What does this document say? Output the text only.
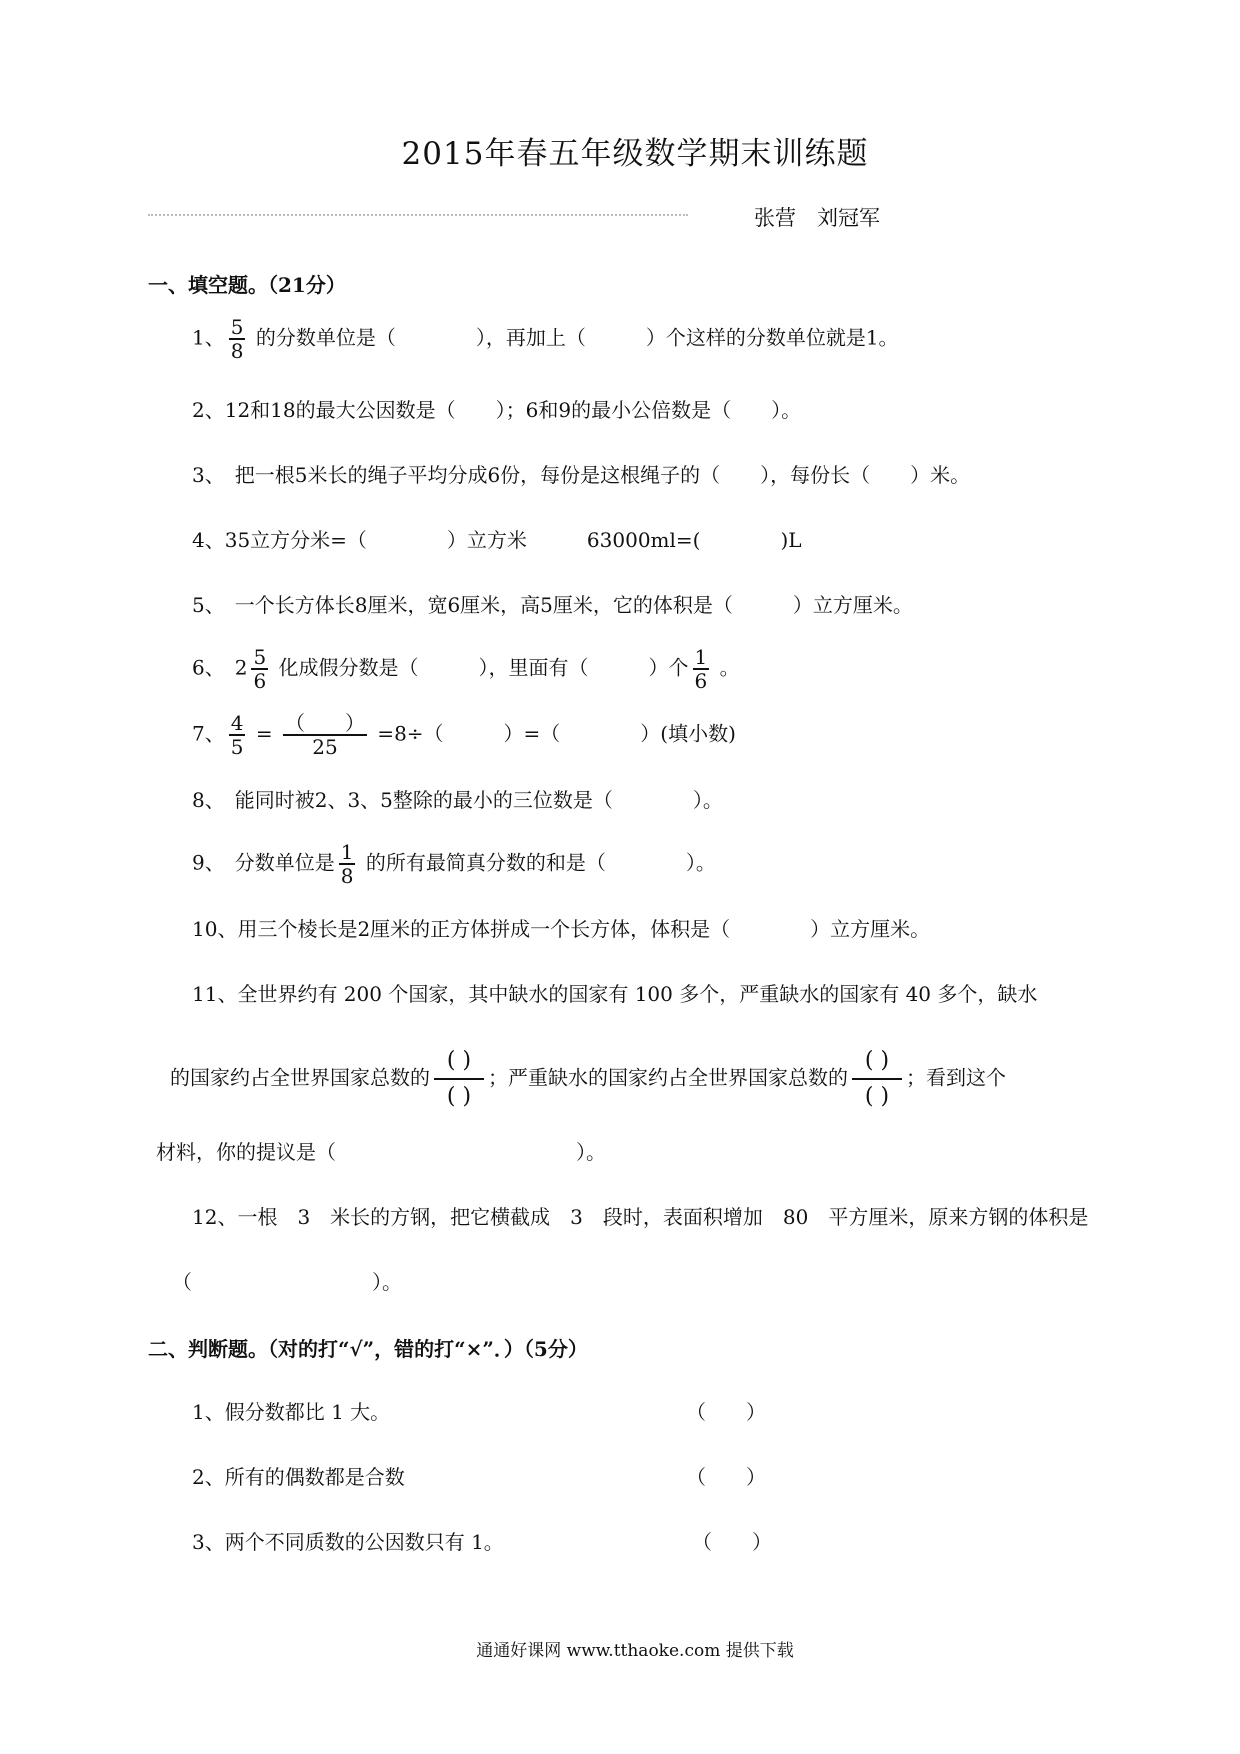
2015年春五年级数学期末训练题
张营　刘冠军
一、填空题。（21分）
1、 $\frac{5}{8}$ 的分数单位是（　　　　），再加上（　　　）个这样的分数单位就是1。
2、12和18的最大公因数是（　　）；6和9的最小公倍数是（　　）。
3、　把一根5米长的绳子平均分成6份，每份是这根绳子的（　　），每份长（　　）米。
4、35立方分米=（　　　　）立方米　　　63000ml=(　　　　)L
5、　一个长方体长8厘米，宽6厘米，高5厘米，它的体积是（　　　）立方厘米。
6、　$2 \frac{5}{6}$ 化成假分数是（　　　），里面有（　　　）个 $\frac{1}{6}$ 。
7、 $\frac{4}{5} = \frac{( )}{25} =8\div$（　　　）=（　　　　）(填小数)
8、　能同时被2、3、5整除的最小的三位数是（　　　　）。
9、　分数单位是 $\frac{1}{8}$ 的所有最简真分数的和是（　　　　）。
10、用三个棱长是2厘米的正方体拼成一个长方体，体积是（　　　　）立方厘米。
11、全世界约有 200 个国家，其中缺水的国家有 100 多个，严重缺水的国家有 40 多个，缺水
的国家约占全世界国家总数的 $\frac{( )}{( )}$ ；严重缺水的国家约占全世界国家总数的 $\frac{( )}{( )}$ ；看到这个
材料，你的提议是（　　　　　　　　　　　　）。
12、一根　3　米长的方钢，把它横截成　3　段时，表面积增加　80　平方厘米，原来方钢的体积是
（　　　　　　　　　）。
二、判断题。（对的打“√”，错的打“×”．）（5分）
1、假分数都比 1 大。	（　　）
2、所有的偶数都是合数	（　　）
3、两个不同质数的公因数只有 1。	（　　）
通通好课网 www.tthaoke.com 提供下载
